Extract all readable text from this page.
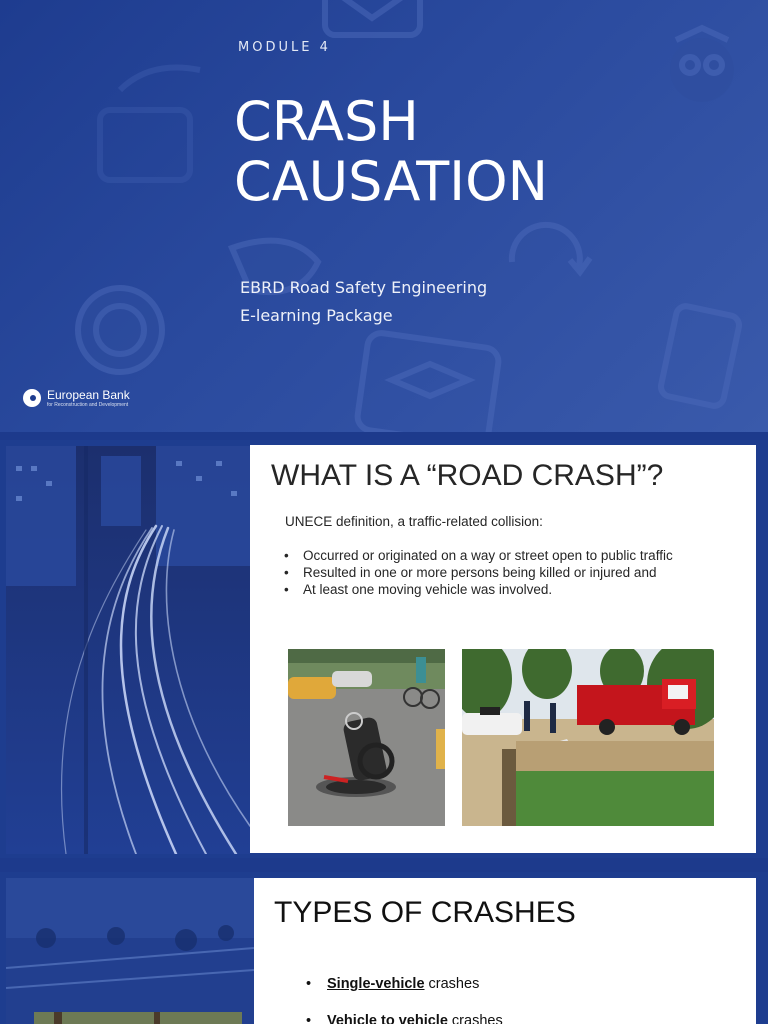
MODULE 4
CRASH
CAUSATION
EBRD Road Safety Engineering
E-learning Package
European Bank
for Reconstruction and Development
WHAT IS A “ROAD CRASH”?
UNECE definition, a traffic-related collision:
• Occurred or originated on a way or street open to public traffic
• Resulted in one or more persons being killed or injured and
• At least one moving vehicle was involved.
TYPES OF CRASHES
• Single-vehicle crashes
• Vehicle to vehicle crashes
